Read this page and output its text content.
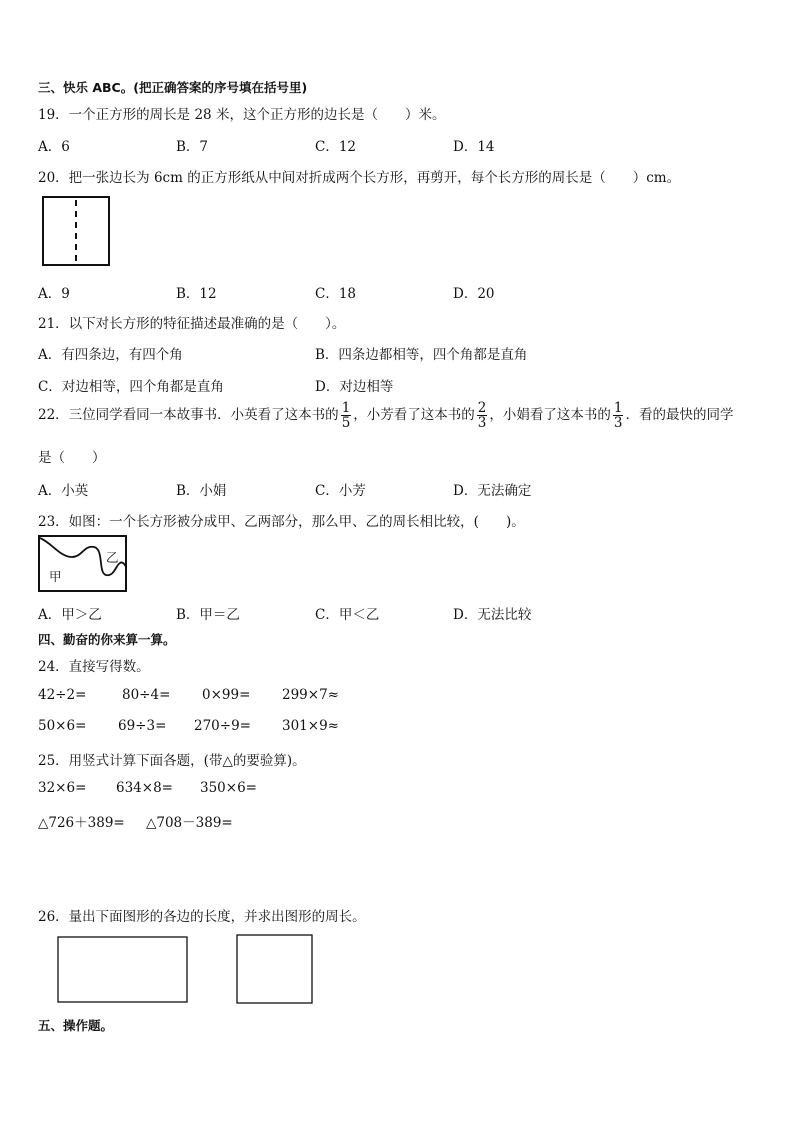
三、快乐 ABC。(把正确答案的序号填在括号里)
19．一个正方形的周长是 28 米，这个正方形的边长是（　　）米。
A．6	B．7	C．12	D．14
20．把一张边长为 6cm 的正方形纸从中间对折成两个长方形，再剪开，每个长方形的周长是（　　）cm。
A．9	B．12	C．18	D．20
21．以下对长方形的特征描述最准确的是（　　）。
A．有四条边，有四个角	B．四条边都相等，四个角都是直角
C．对边相等，四个角都是直角	D．对边相等
22．三位同学看同一本故事书．小英看了这本书的 $\frac{1}{5}$ ，小芳看了这本书的 $\frac{2}{3}$ ，小娟看了这本书的 $\frac{1}{3}$ ．看的最快的同学
是（　　）
A．小英	B．小娟	C．小芳	D．无法确定
23．如图：一个长方形被分成甲、乙两部分，那么甲、乙的周长相比较，(　　)。
甲
乙
A．甲＞乙	B．甲＝乙	C．甲＜乙	D．无法比较
四、勤奋的你来算一算。
24．直接写得数。
42÷2=	80÷4= 0×99= 299×7≈
50×6= 69÷3= 270÷9= 301×9≈
25．用竖式计算下面各题，(带△的要验算)。
32×6= 634×8= 350×6=
△726＋389= △708－389=
26．量出下面图形的各边的长度，并求出图形的周长。
五、操作题。
